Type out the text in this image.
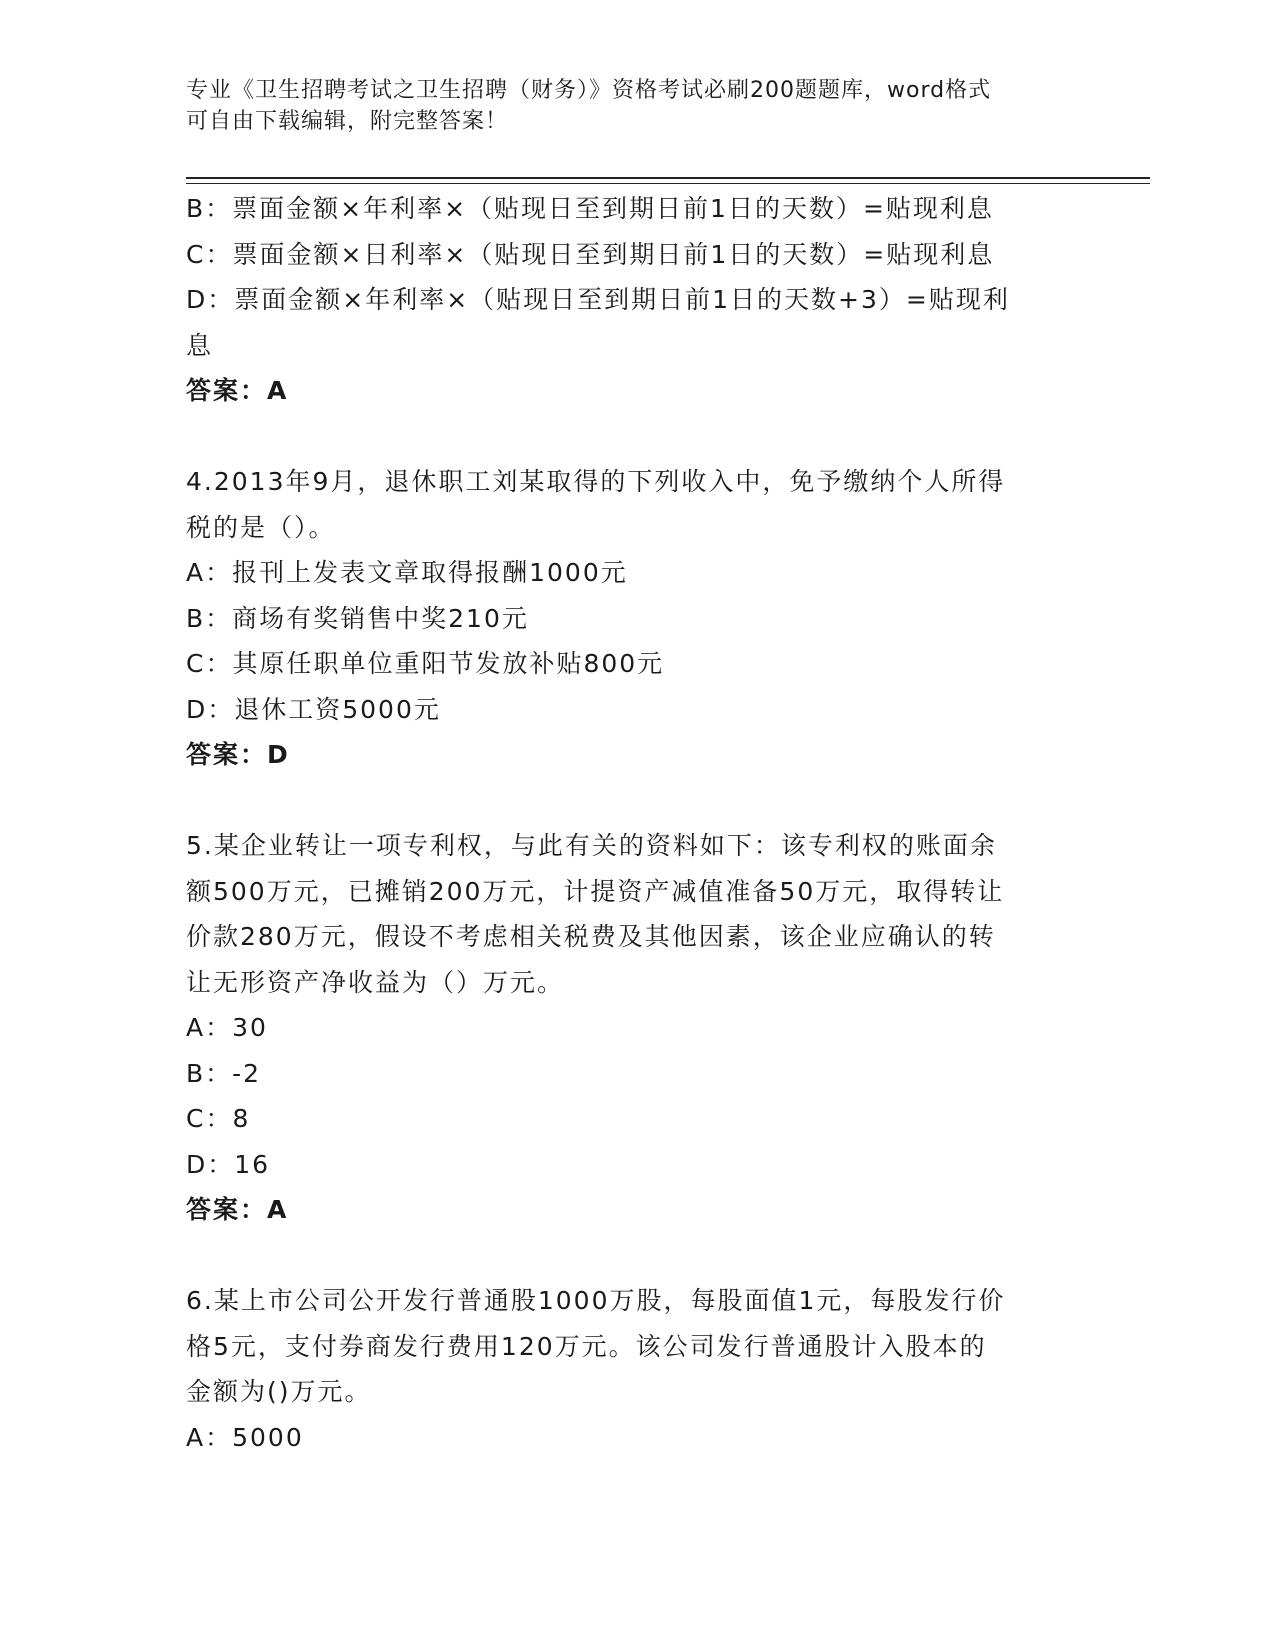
专业《卫生招聘考试之卫生招聘（财务）》资格考试必刷200题题库，word格式
可自由下载编辑，附完整答案！
B：票面金额×年利率×（贴现日至到期日前1日的天数）=贴现利息
C：票面金额×日利率×（贴现日至到期日前1日的天数）=贴现利息
D：票面金额×年利率×（贴现日至到期日前1日的天数+3）=贴现利
息
答案：A
4.2013年9月，退休职工刘某取得的下列收入中，免予缴纳个人所得
税的是（）。
A：报刊上发表文章取得报酬1000元
B：商场有奖销售中奖210元
C：其原任职单位重阳节发放补贴800元
D：退休工资5000元
答案：D
5.某企业转让一项专利权，与此有关的资料如下：该专利权的账面余
额500万元，已摊销200万元，计提资产减值准备50万元，取得转让
价款280万元，假设不考虑相关税费及其他因素，该企业应确认的转
让无形资产净收益为（）万元。
A：30
B：-2
C：8
D：16
答案：A
6.某上市公司公开发行普通股1000万股，每股面值1元，每股发行价
格5元，支付券商发行费用120万元。该公司发行普通股计入股本的
金额为()万元。
A：5000
